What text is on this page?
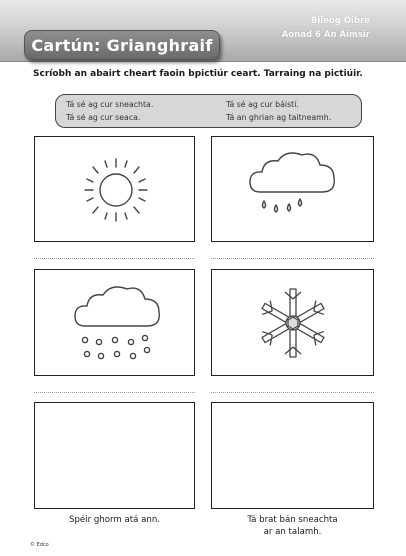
Cartún: Grianghraif
Bileog Oibre
Aonad 6 An Aimsir
Scríobh an abairt cheart faoin bpictiúr ceart. Tarraing na pictiúir.
Tá sé ag cur sneachta.
Tá sé ag cur seaca.
Tá sé ag cur báistí.
Tá an ghrian ag taitneamh.
Spéir ghorm atá ann.	Tá brat bán sneachta
ar an talamh.
© Edco
